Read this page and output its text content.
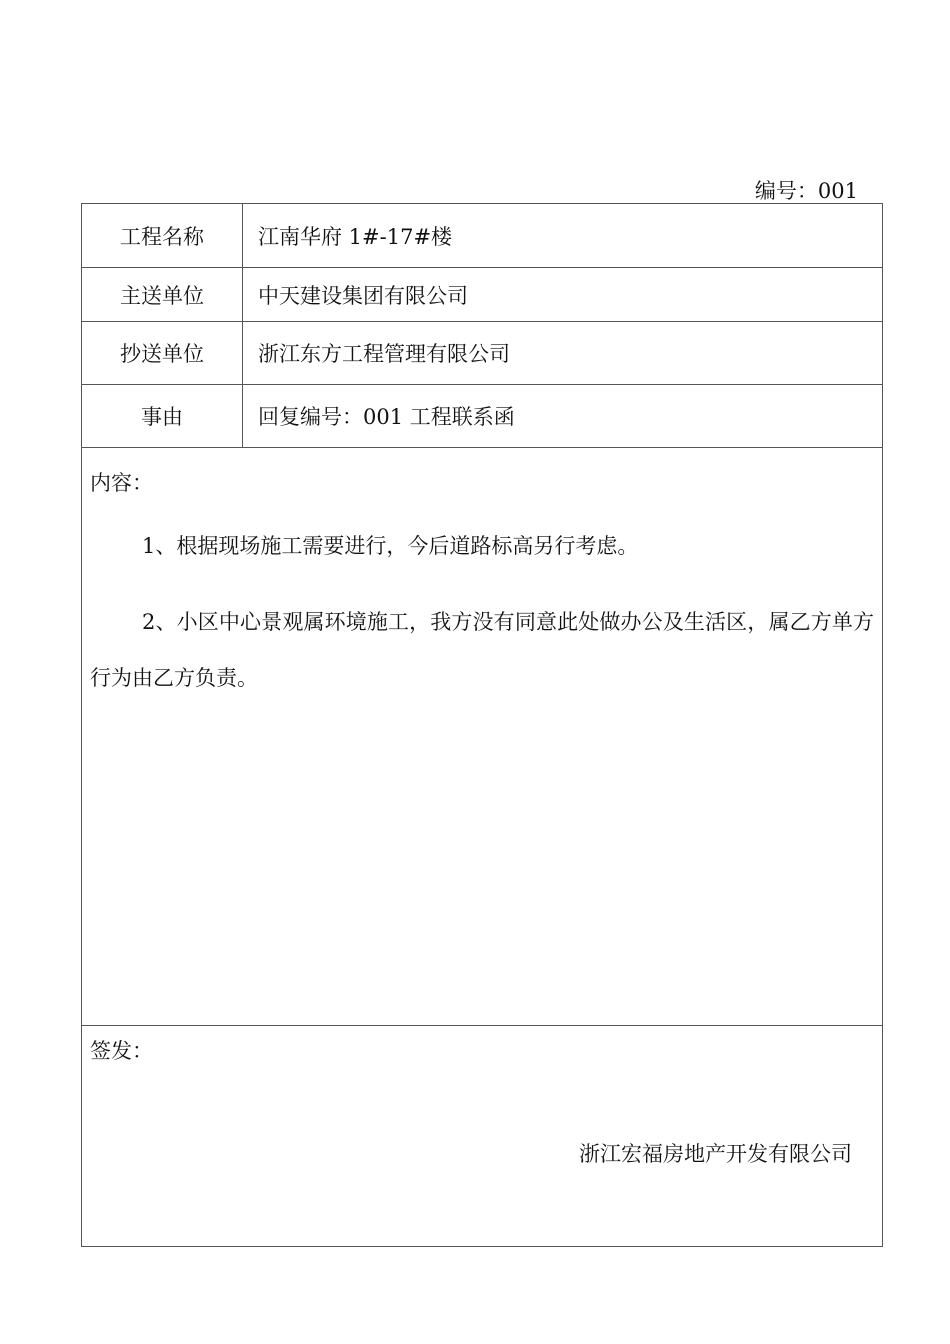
编号：001
工程名称	江南华府 1#-17#楼
主送单位	中天建设集团有限公司
抄送单位	浙江东方工程管理有限公司
事由	回复编号：001 工程联系函

内容：

1、根据现场施工需要进行，今后道路标高另行考虑。

2、小区中心景观属环境施工，我方没有同意此处做办公及生活区，属乙方单方行为由乙方负责。	

签发：

浙江宏福房地产开发有限公司	
